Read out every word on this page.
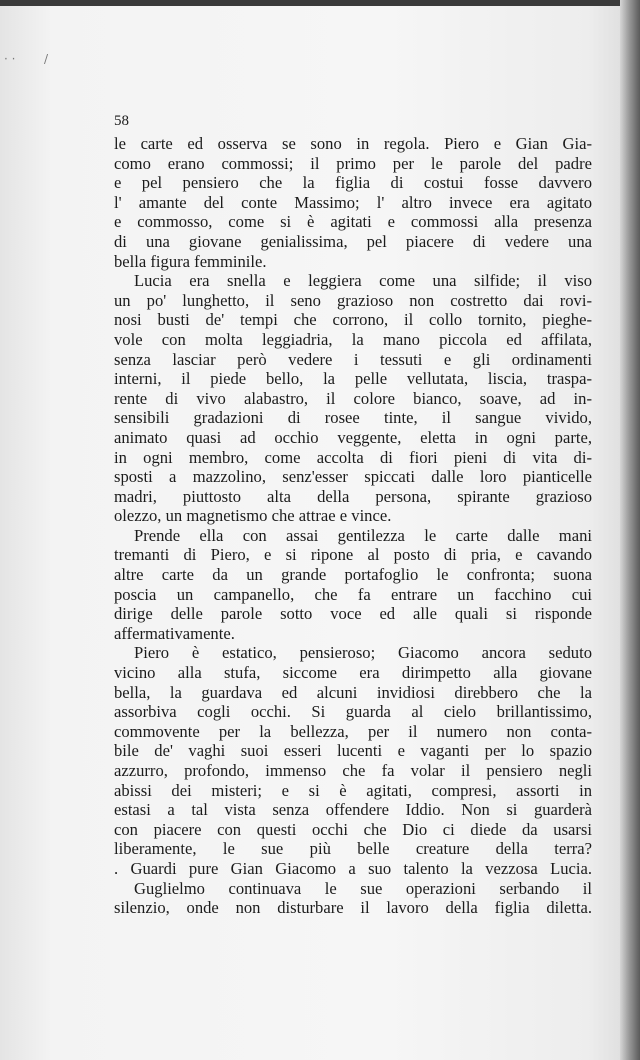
‧ ‧ /
58
le carte ed osserva se sono in regola. Piero e Gian Gia-
como erano commossi; il primo per le parole del padre
e pel pensiero che la figlia di costui fosse davvero
l' amante del conte Massimo; l' altro invece era agitato
e commosso, come si è agitati e commossi alla presenza
di una giovane genialissima, pel piacere di vedere una
bella figura femminile.
Lucia era snella e leggiera come una silfide; il viso
un po' lunghetto, il seno grazioso non costretto dai rovi-
nosi busti de' tempi che corrono, il collo tornito, pieghe-
vole con molta leggiadria, la mano piccola ed affilata,
senza lasciar però vedere i tessuti e gli ordinamenti
interni, il piede bello, la pelle vellutata, liscia, traspa-
rente di vivo alabastro, il colore bianco, soave, ad in-
sensibili gradazioni di rosee tinte, il sangue vivido,
animato quasi ad occhio veggente, eletta in ogni parte,
in ogni membro, come accolta di fiori pieni di vita di-
sposti a mazzolino, senz'esser spiccati dalle loro pianticelle
madri, piuttosto alta della persona, spirante grazioso
olezzo, un magnetismo che attrae e vince.
Prende ella con assai gentilezza le carte dalle mani
tremanti di Piero, e si ripone al posto di pria, e cavando
altre carte da un grande portafoglio le confronta; suona
poscia un campanello, che fa entrare un facchino cui
dirige delle parole sotto voce ed alle quali si risponde
affermativamente.
Piero è estatico, pensieroso; Giacomo ancora seduto
vicino alla stufa, siccome era dirimpetto alla giovane
bella, la guardava ed alcuni invidiosi direbbero che la
assorbiva cogli occhi. Si guarda al cielo brillantissimo,
commovente per la bellezza, per il numero non conta-
bile de' vaghi suoi esseri lucenti e vaganti per lo spazio
azzurro, profondo, immenso che fa volar il pensiero negli
abissi dei misteri; e si è agitati, compresi, assorti in
estasi a tal vista senza offendere Iddio. Non si guarderà
con piacere con questi occhi che Dio ci diede da usarsi
liberamente, le sue più belle creature della terra?
. Guardi pure Gian Giacomo a suo talento la vezzosa Lucia.
Guglielmo continuava le sue operazioni serbando il
silenzio, onde non disturbare il lavoro della figlia diletta.
